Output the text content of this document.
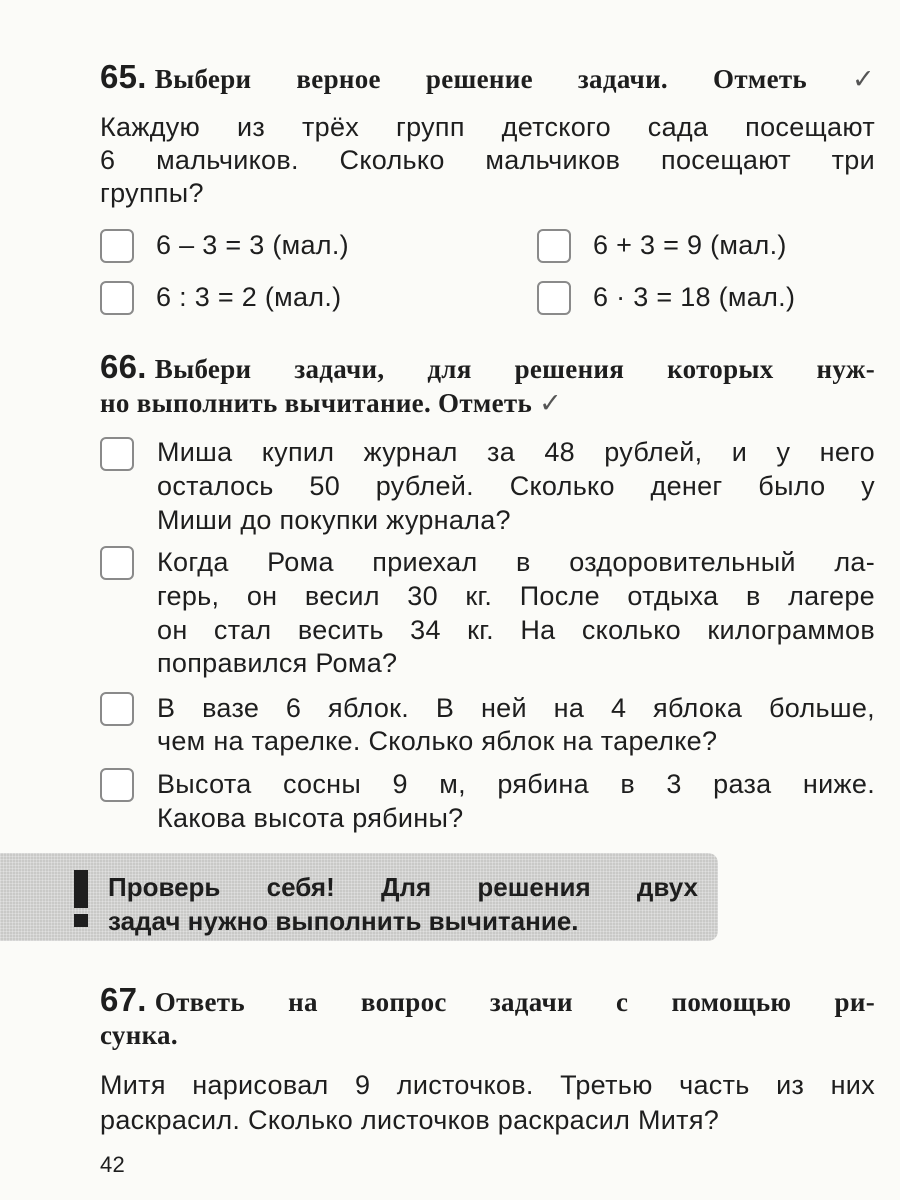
65. Выбери верное решение задачи. Отметь ✓
Каждую из трёх групп детского сада посещают
6 мальчиков. Сколько мальчиков посещают три
группы?
6 – 3 = 3 (мал.)	6 + 3 = 9 (мал.)
6 : 3 = 2 (мал.)	6 · 3 = 18 (мал.)
66. Выбери задачи, для решения которых нуж-
но выполнить вычитание. Отметь ✓
Миша купил журнал за 48 рублей, и у него
осталось 50 рублей. Сколько денег было у
Миши до покупки журнала?
Когда Рома приехал в оздоровительный ла-
герь, он весил 30 кг. После отдыха в лагере
он стал весить 34 кг. На сколько килограммов
поправился Рома?
В вазе 6 яблок. В ней на 4 яблока больше,
чем на тарелке. Сколько яблок на тарелке?
Высота сосны 9 м, рябина в 3 раза ниже.
Какова высота рябины?
Проверь себя! Для решения двух
задач нужно выполнить вычитание.
67. Ответь на вопрос задачи с помощью ри-
сунка.
Митя нарисовал 9 листочков. Третью часть из них
раскрасил. Сколько листочков раскрасил Митя?
42
